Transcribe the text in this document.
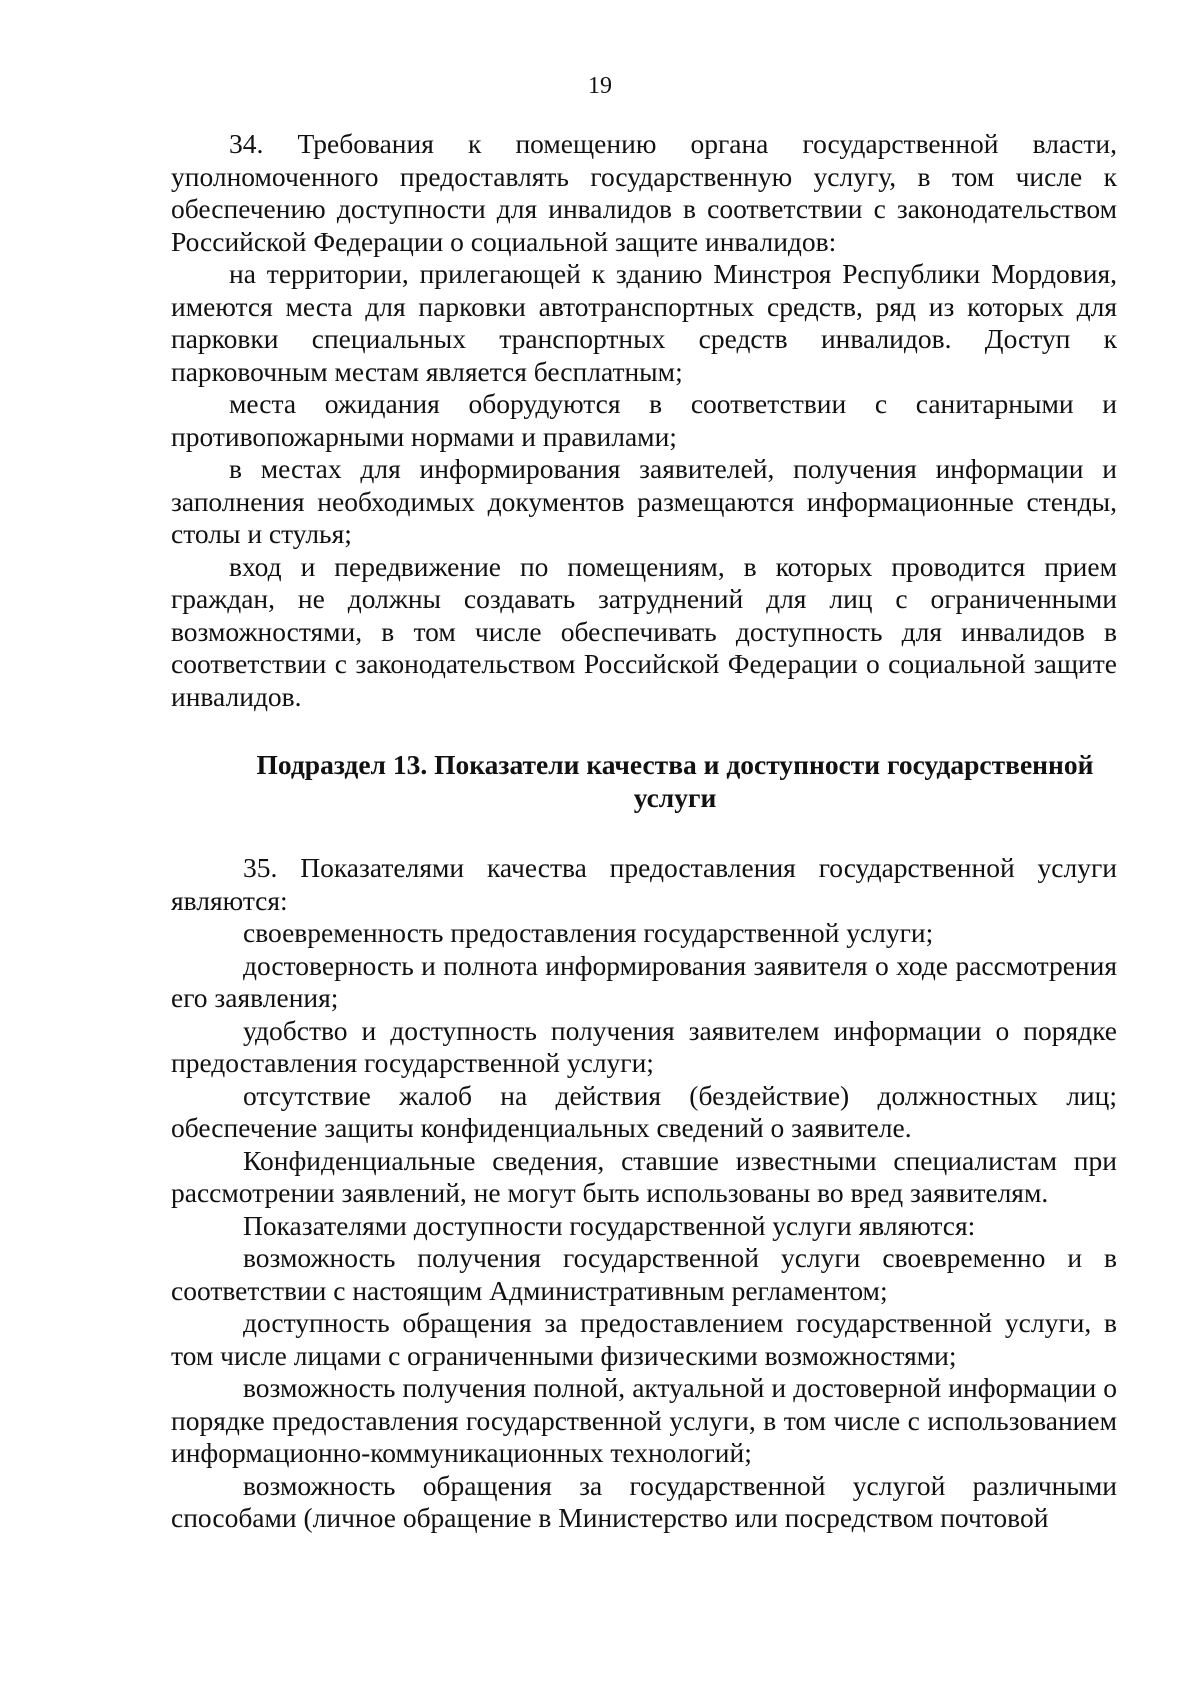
19

34. Требования к помещению органа государственной власти, уполномоченного предоставлять государственную услугу, в том числе к обеспечению доступности для инвалидов в соответствии с законодательством Российской Федерации о социальной защите инвалидов:

на территории, прилегающей к зданию Минстроя Республики Мордовия, имеются места для парковки автотранспортных средств, ряд из которых для парковки специальных транспортных средств инвалидов. Доступ к парковочным местам является бесплатным;

места ожидания оборудуются в соответствии с санитарными и противопожарными нормами и правилами;

в местах для информирования заявителей, получения информации и заполнения необходимых документов размещаются информационные стенды, столы и стулья;

вход и передвижение по помещениям, в которых проводится прием граждан, не должны создавать затруднений для лиц с ограниченными возможностями, в том числе обеспечивать доступность для инвалидов в соответствии с законодательством Российской Федерации о социальной защите инвалидов.

Подраздел 13. Показатели качества и доступности государственной
услуги

35. Показателями качества предоставления государственной услуги являются:

своевременность предоставления государственной услуги;

достоверность и полнота информирования заявителя о ходе рассмотрения его заявления;

удобство и доступность получения заявителем информации о порядке предоставления государственной услуги;

отсутствие жалоб на действия (бездействие) должностных лиц; обеспечение защиты конфиденциальных сведений о заявителе.

Конфиденциальные сведения, ставшие известными специалистам при рассмотрении заявлений, не могут быть использованы во вред заявителям.

Показателями доступности государственной услуги являются:

возможность получения государственной услуги своевременно и в соответствии с настоящим Административным регламентом;

доступность обращения за предоставлением государственной услуги, в том числе лицами с ограниченными физическими возможностями;

возможность получения полной, актуальной и достоверной информации о порядке предоставления государственной услуги, в том числе с использованием информационно-коммуникационных технологий;

возможность обращения за государственной услугой различными способами (личное обращение в Министерство или посредством почтовой
